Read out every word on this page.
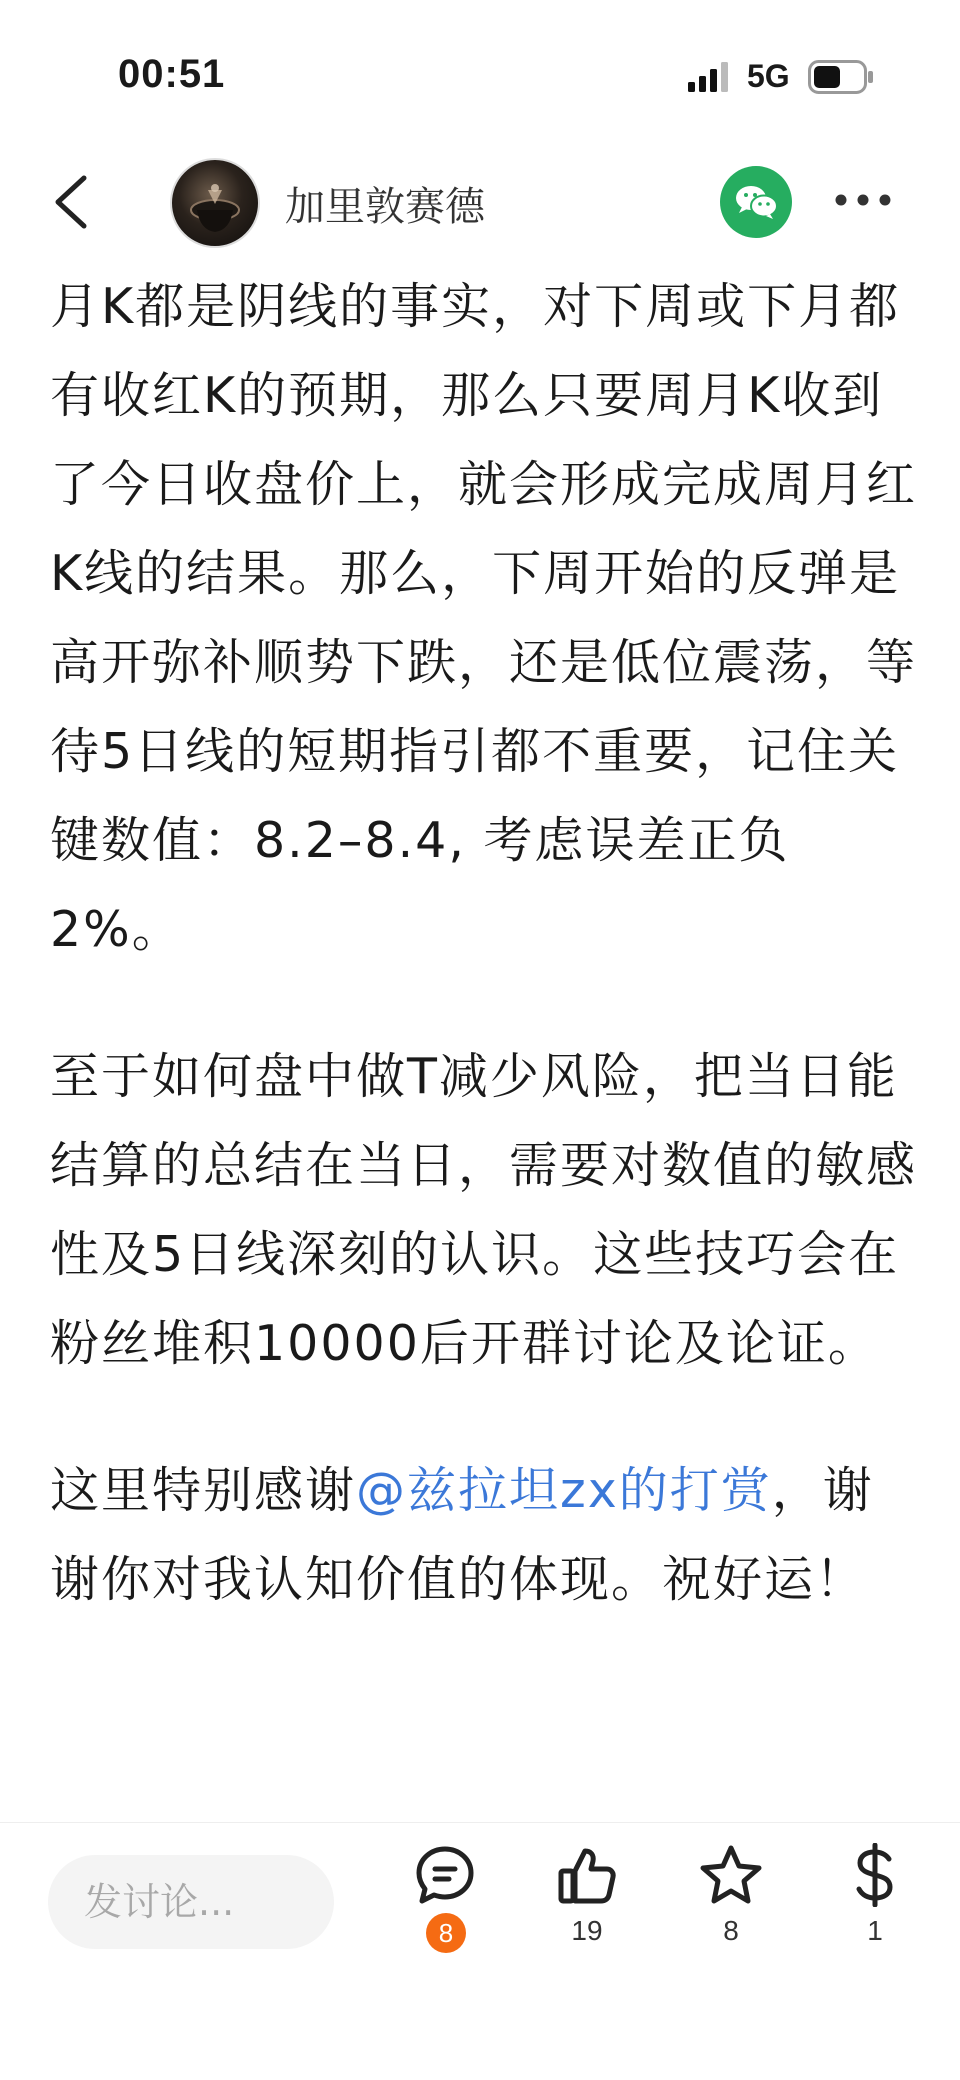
00:51	5G
加里敦赛德

月K都是阴线的事实，对下周或下月都有收红K的预期，那么只要周月K收到了今日收盘价上，就会形成完成周月红K线的结果。那么，下周开始的反弹是高开弥补顺势下跌，还是低位震荡，等待5日线的短期指引都不重要，记住关键数值：8.2–8.4, 考虑误差正负2%。

至于如何盘中做T减少风险，把当日能结算的总结在当日，需要对数值的敏感性及5日线深刻的认识。这些技巧会在粉丝堆积10000后开群讨论及论证。

这里特别感谢@兹拉坦zx的打赏，谢谢你对我认知价值的体现。祝好运！

发讨论...
8	19	8	1
